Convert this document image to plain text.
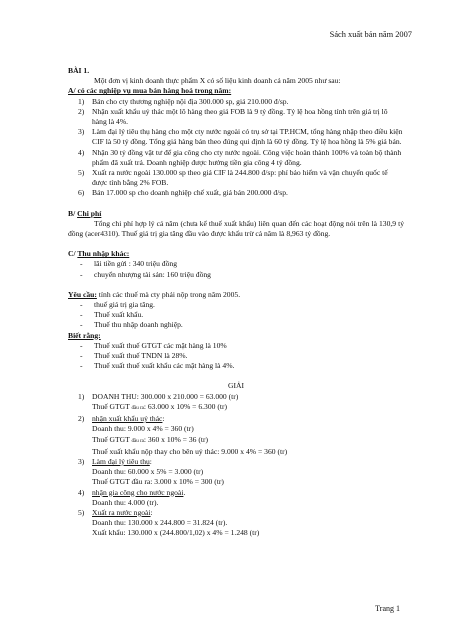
Sách xuất bản năm 2007
BÀI 1.
Một đơn vị kinh doanh thực phẩm X có số liệu kinh doanh cả năm 2005 như sau:
A/ có các nghiệp vụ mua bán hàng hoá trong năm:
1)	Bán cho cty thương nghiệp nội địa 300.000 sp, giá 210.000 đ/sp.
2)	Nhận xuất khẩu uỷ thác một lô hàng theo giá FOB là 9 tỷ đồng. Tỷ lệ hoa hồng tính trên giá trị lô hàng là 4%.
3)	Làm đại lý tiêu thụ hàng cho một cty nước ngoài có trụ sở tại TP.HCM, tổng hàng nhập theo điều kiện CIF là 50 tỷ đồng. Tổng giá hàng bán theo đúng qui định là 60 tỷ đồng. Tỷ lệ hoa hồng là 5% giá bán.
4)	Nhận 30 tỷ đồng vật tư để gia công cho cty nước ngoài. Công việc hoàn thành 100% và toàn bộ thành phẩm đã xuất trả. Doanh nghiệp được hưởng tiền gia công 4 tỷ đồng.
5)	Xuất ra nước ngoài 130.000 sp theo giá CIF là 244.800 đ/sp: phí bảo hiểm và vận chuyển quốc tế được tính bằng 2% FOB.
6)	Bán 17.000 sp cho doanh nghiệp chế xuất, giá bán 200.000 đ/sp.
B/ Chi phí
Tổng chi phí hợp lý cả năm (chưa kể thuế xuất khẩu) liên quan đến các hoạt động nói trên là 130,9 tỷ đồng (acer4310). Thuế giá trị gia tăng đầu vào được khấu trừ cả năm là 8,963 tỷ đồng.
C/ Thu nhập khác:
-	lãi tiền gửi : 340 triệu đồng
-	chuyển nhượng tài sản: 160 triệu đồng
Yêu cầu: tính các thuế mà cty phải nộp trong năm 2005.
-	thuế giá trị gia tăng.
-	Thuế xuất khẩu.
-	Thuế thu nhập doanh nghiệp.
Biết rằng:
-	Thuế xuất thuế GTGT các mặt hàng là 10%
-	Thuế xuất thuế TNDN là 28%.
-	Thuế xuất thuế xuất khẩu các mặt hàng là 4%.
GIẢI
1)	DOANH THU: 300.000 x 210.000 = 63.000 (tr)
Thuế GTGT đầu ra: 63.000 x 10% = 6.300 (tr)
2)	nhận xuất khẩu uỷ thác:
Doanh thu: 9.000 x 4% = 360 (tr)
Thuế GTGT đầu ra: 360 x 10% = 36 (tr)
Thuế xuất khẩu nộp thay cho bên uỷ thác: 9.000 x 4% = 360 (tr)
3)	Làm đại lý tiêu thụ:
Doanh thu: 60.000 x 5% = 3.000 (tr)
Thuế GTGT đầu ra: 3.000 x 10% = 300 (tr)
4)	nhận gia công cho nước ngoài.
Doanh thu: 4.000 (tr).
5)	Xuất ra nước ngoài:
Doanh thu: 130.000 x 244.800 = 31.824 (tr).
Xuất khẩu: 130.000 x (244.800/1,02) x 4% = 1.248 (tr)
Trang 1
